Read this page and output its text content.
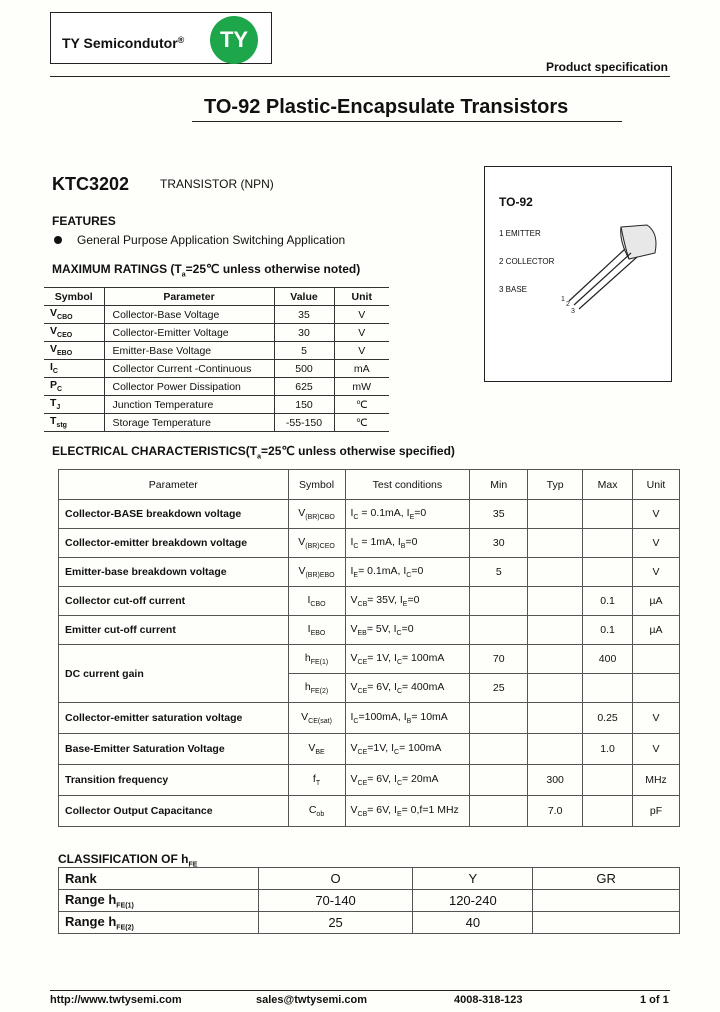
TY Semicondutor®	TY
Product specification
TO-92 Plastic-Encapsulate Transistors
KTC3202	TRANSISTOR (NPN)
TO-92
1 EMITTER
2 COLLECTOR
3 BASE
1
2
3
FEATURES
General Purpose Application Switching Application
MAXIMUM RATINGS ($T_a=25℃$ unless otherwise noted)
Symbol	Parameter	Value	Unit
$V_{CBO}$	Collector-Base Voltage	35	V
$V_{CEO}$	Collector-Emitter Voltage	30	V
$V_{EBO}$	Emitter-Base Voltage	5	V
$I_C$	Collector Current -Continuous	500	mA
$P_C$	Collector Power Dissipation	625	mW
$T_J$	Junction Temperature	150	℃
$T_{stg}$	Storage Temperature	-55-150	℃
ELECTRICAL $CHARACTERISTICS(T_a=25℃$ unless otherwise specified)
Parameter	Symbol	Test conditions	Min	Typ	Max	Unit
Collector-BASE breakdown voltage	$V_{(BR)CBO}$	$I_C = 0.1mA$, $I_E=0$	35			V
Collector-emitter breakdown voltage	$V_{(BR)CEO}$	$I_C = 1mA$, $I_B=0$	30			V
Emitter-base breakdown voltage	$V_{(BR)EBO}$	$I_E= 0.1mA$, $I_C=0$	5			V
Collector cut-off current	$I_{CBO}$	$V_{CB}= 35V$, $I_E=0$			0.1	µA
Emitter cut-off current	$I_{EBO}$	$V_{EB}= 5V$, $I_C=0$			0.1	µA
DC current gain	$h_{FE(1)}$	$V_{CE}= 1V$, $I_C= 100mA$	70		400	
	$h_{FE(2)}$	$V_{CE}= 6V$, $I_C= 400mA$	25			
Collector-emitter saturation voltage	$V_{CE(sat)}$	$I_C=100mA$, $I_B= 10mA$			0.25	V
Base-Emitter Saturation Voltage	$V_{BE}$	$V_{CE}=1V$, $I_C= 100mA$			1.0	V
Transition frequency	$f_T$	$V_{CE}= 6V$, $I_C= 20mA$		300		MHz
Collector Output Capacitance	$C_{ob}$	$V_{CB}= 6V$, $I_E= 0,f=1$ MHz		7.0		pF
CLASSIFICATION OF $h_{FE}$
Rank	O	Y	GR
Range $h_{FE(1)}$	70-140	120-240	
Range $h_{FE(2)}$	25	40	
http://www.twtysemi.com	sales@twtysemi.com	4008-318-123	1 of 1
